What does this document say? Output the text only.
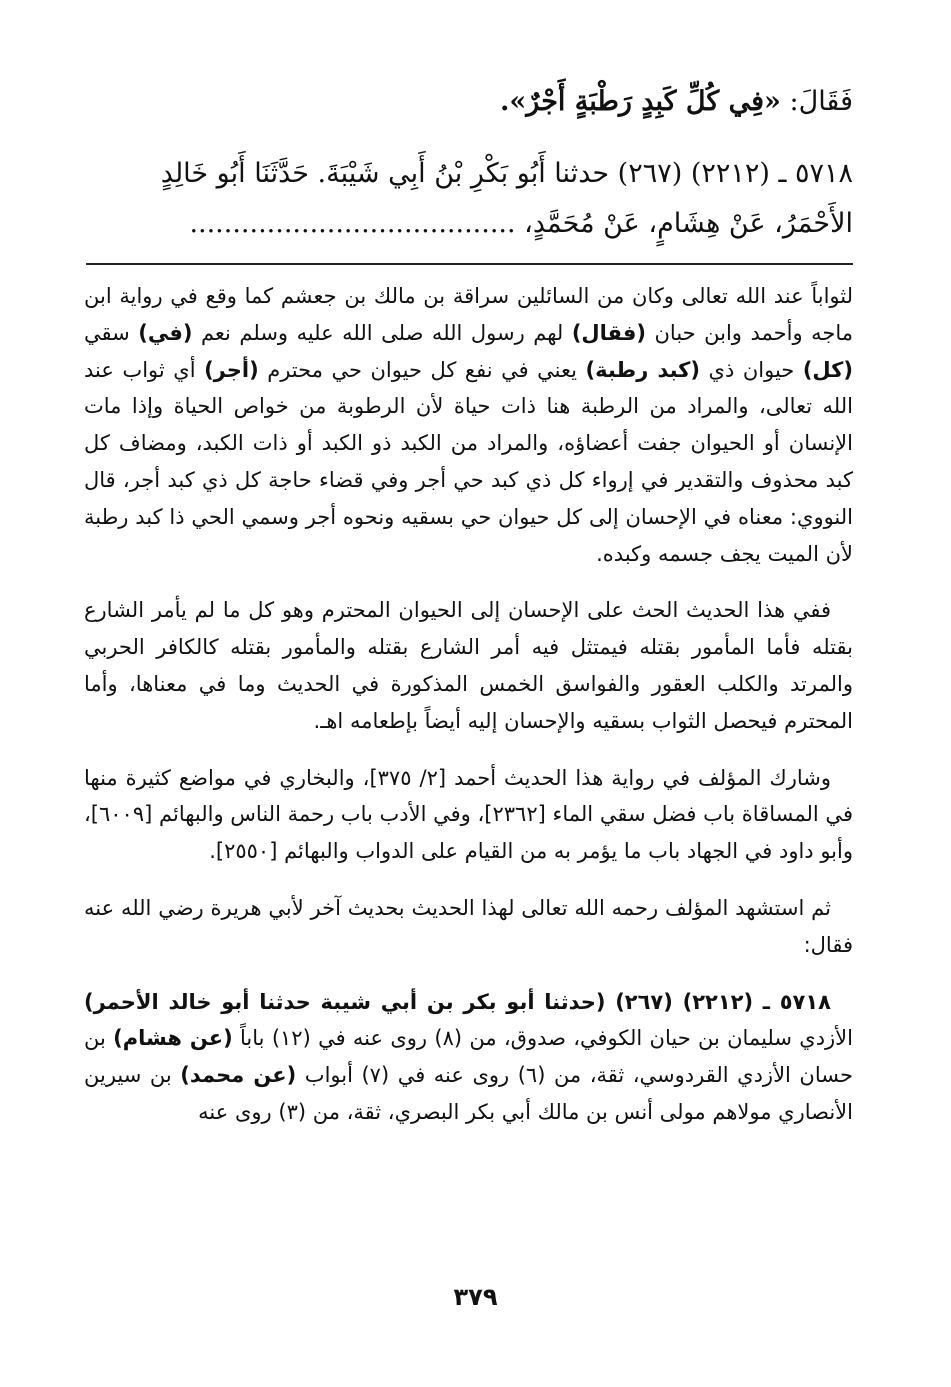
فَقَالَ: «فِي كُلِّ كَبِدٍ رَطْبَةٍ أَجْرٌ».
٥٧١٨ ـ (٢٢١٢) (٢٦٧) حدثنا أَبُو بَكْرِ بْنُ أَبِي شَيْبَةَ. حَدَّثَنَا أَبُو خَالِدٍ
الأَحْمَرُ، عَنْ هِشَامٍ، عَنْ مُحَمَّدٍ، ......................................

لثواباً عند الله تعالى وكان من السائلين سراقة بن مالك بن جعشم كما وقع في رواية ابن ماجه وأحمد وابن حبان (فقال) لهم رسول الله صلى الله عليه وسلم نعم (في) سقي (كل) حيوان ذي (كبد رطبة) يعني في نفع كل حيوان حي محترم (أجر) أي ثواب عند الله تعالى، والمراد من الرطبة هنا ذات حياة لأن الرطوبة من خواص الحياة وإذا مات الإنسان أو الحيوان جفت أعضاؤه، والمراد من الكبد ذو الكبد أو ذات الكبد، ومضاف كل كبد محذوف والتقدير في إرواء كل ذي كبد حي أجر وفي قضاء حاجة كل ذي كبد أجر، قال النووي: معناه في الإحسان إلى كل حيوان حي بسقيه ونحوه أجر وسمي الحي ذا كبد رطبة لأن الميت يجف جسمه وكبده.

ففي هذا الحديث الحث على الإحسان إلى الحيوان المحترم وهو كل ما لم يأمر الشارع بقتله فأما المأمور بقتله فيمتثل فيه أمر الشارع بقتله والمأمور بقتله كالكافر الحربي والمرتد والكلب العقور والفواسق الخمس المذكورة في الحديث وما في معناها، وأما المحترم فيحصل الثواب بسقيه والإحسان إليه أيضاً بإطعامه اهـ.

وشارك المؤلف في رواية هذا الحديث أحمد [٢/ ٣٧٥]، والبخاري في مواضع كثيرة منها في المساقاة باب فضل سقي الماء [٢٣٦٢]، وفي الأدب باب رحمة الناس والبهائم [٦٠٠٩]، وأبو داود في الجهاد باب ما يؤمر به من القيام على الدواب والبهائم [٢٥٥٠].

ثم استشهد المؤلف رحمه الله تعالى لهذا الحديث بحديث آخر لأبي هريرة رضي الله عنه فقال:

٥٧١٨ ـ (٢٢١٢) (٢٦٧) (حدثنا أبو بكر بن أبي شيبة حدثنا أبو خالد الأحمر) الأزدي سليمان بن حيان الكوفي، صدوق، من (٨) روى عنه في (١٢) باباً (عن هشام) بن حسان الأزدي القردوسي، ثقة، من (٦) روى عنه في (٧) أبواب (عن محمد) بن سيرين الأنصاري مولاهم مولى أنس بن مالك أبي بكر البصري، ثقة، من (٣) روى عنه

٣٧٩
